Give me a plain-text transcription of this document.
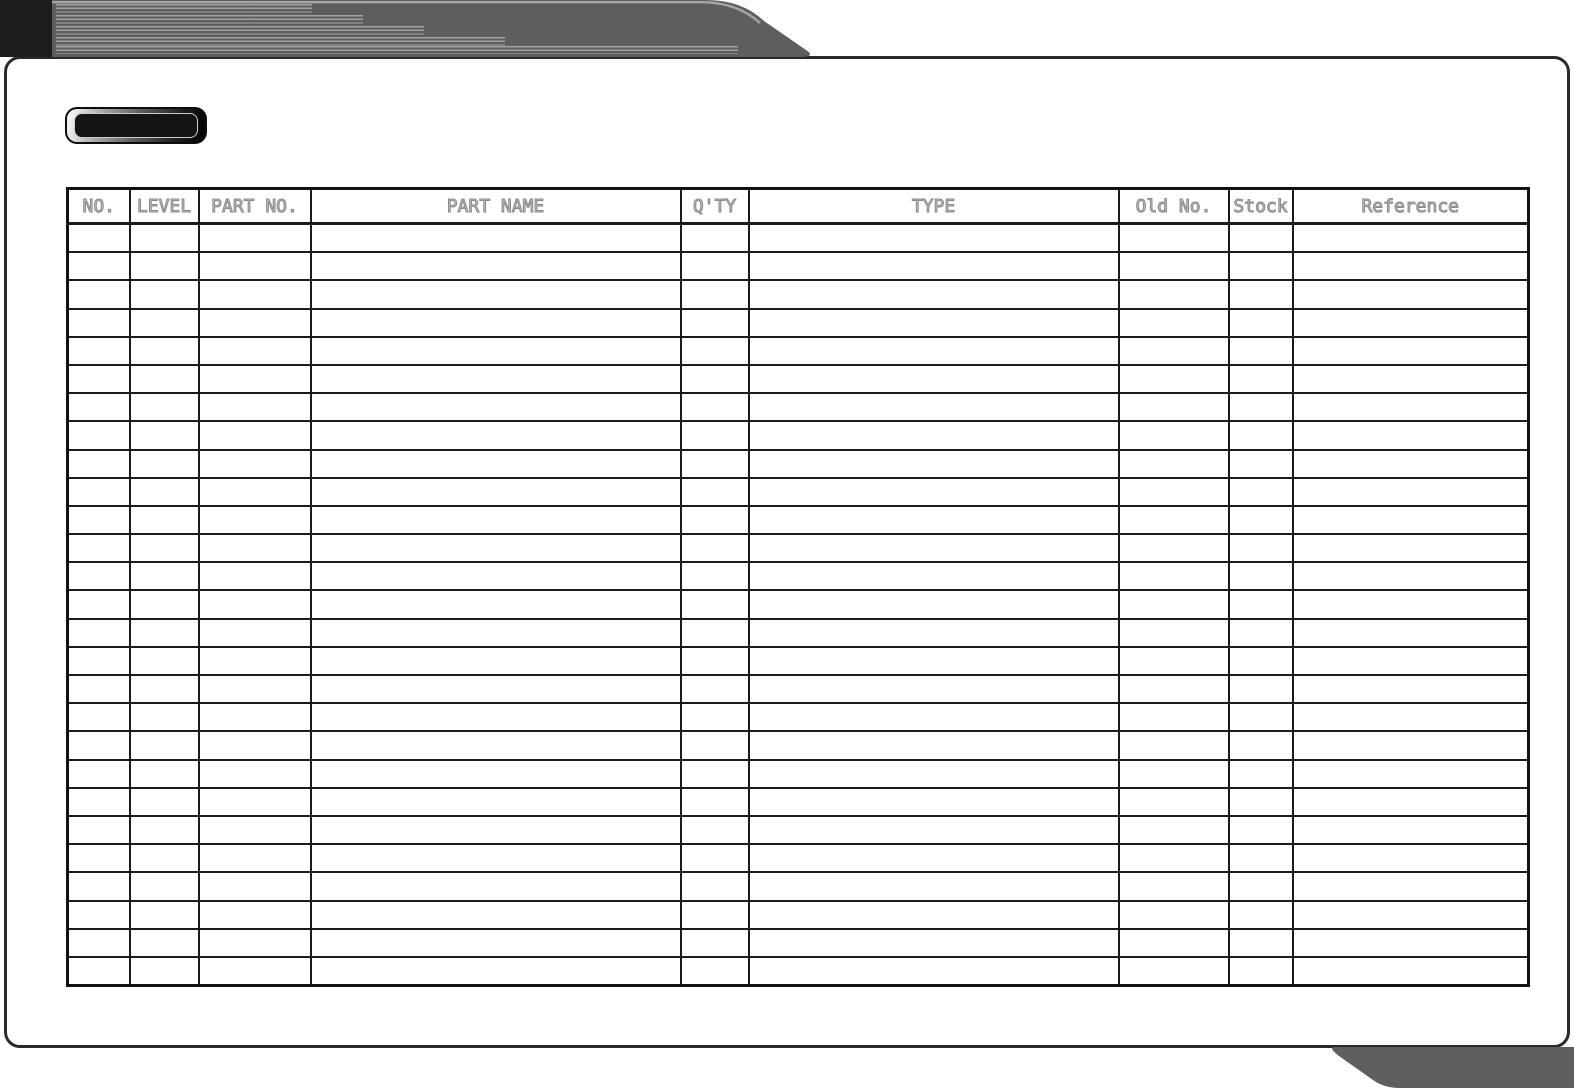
NO.	LEVEL	PART NO.	PART NAME	Q'TY	TYPE	Old No.	Stock	Reference
